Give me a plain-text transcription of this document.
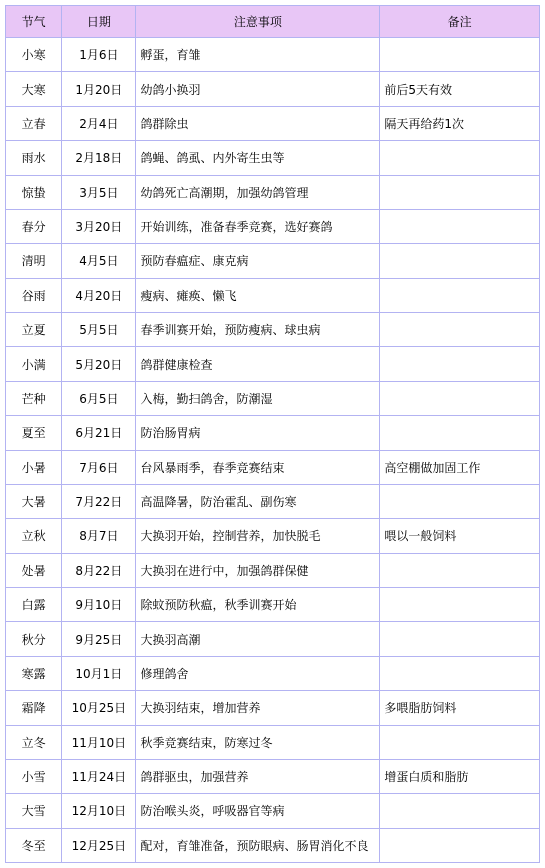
节气	日期	注意事项	备注
小寒	1月6日	孵蛋，育雏	
大寒	1月20日	幼鸽小换羽	前后5天有效
立春	2月4日	鸽群除虫	隔天再给药1次
雨水	2月18日	鸽蝇、鸽虱、内外寄生虫等	
惊蛰	3月5日	幼鸽死亡高潮期，加强幼鸽管理	
春分	3月20日	开始训练，准备春季竞赛，选好赛鸽	
清明	4月5日	预防春瘟症、康克病	
谷雨	4月20日	瘦病、瘫痪、懒飞	
立夏	5月5日	春季训赛开始，预防瘦病、球虫病	
小满	5月20日	鸽群健康检查	
芒种	6月5日	入梅，勤扫鸽舍，防潮湿	
夏至	6月21日	防治肠胃病	
小暑	7月6日	台风暴雨季，春季竞赛结束	高空棚做加固工作
大暑	7月22日	高温降暑，防治霍乱、副伤寒	
立秋	8月7日	大换羽开始，控制营养，加快脱毛	喂以一般饲料
处暑	8月22日	大换羽在进行中，加强鸽群保健	
白露	9月10日	除蚊预防秋瘟，秋季训赛开始	
秋分	9月25日	大换羽高潮	
寒露	10月1日	修理鸽舍	
霜降	10月25日	大换羽结束，增加营养	多喂脂肪饲料
立冬	11月10日	秋季竞赛结束，防寒过冬	
小雪	11月24日	鸽群驱虫，加强营养	增蛋白质和脂肪
大雪	12月10日	防治喉头炎，呼吸器官等病	
冬至	12月25日	配对，育雏准备，预防眼病、肠胃消化不良	
